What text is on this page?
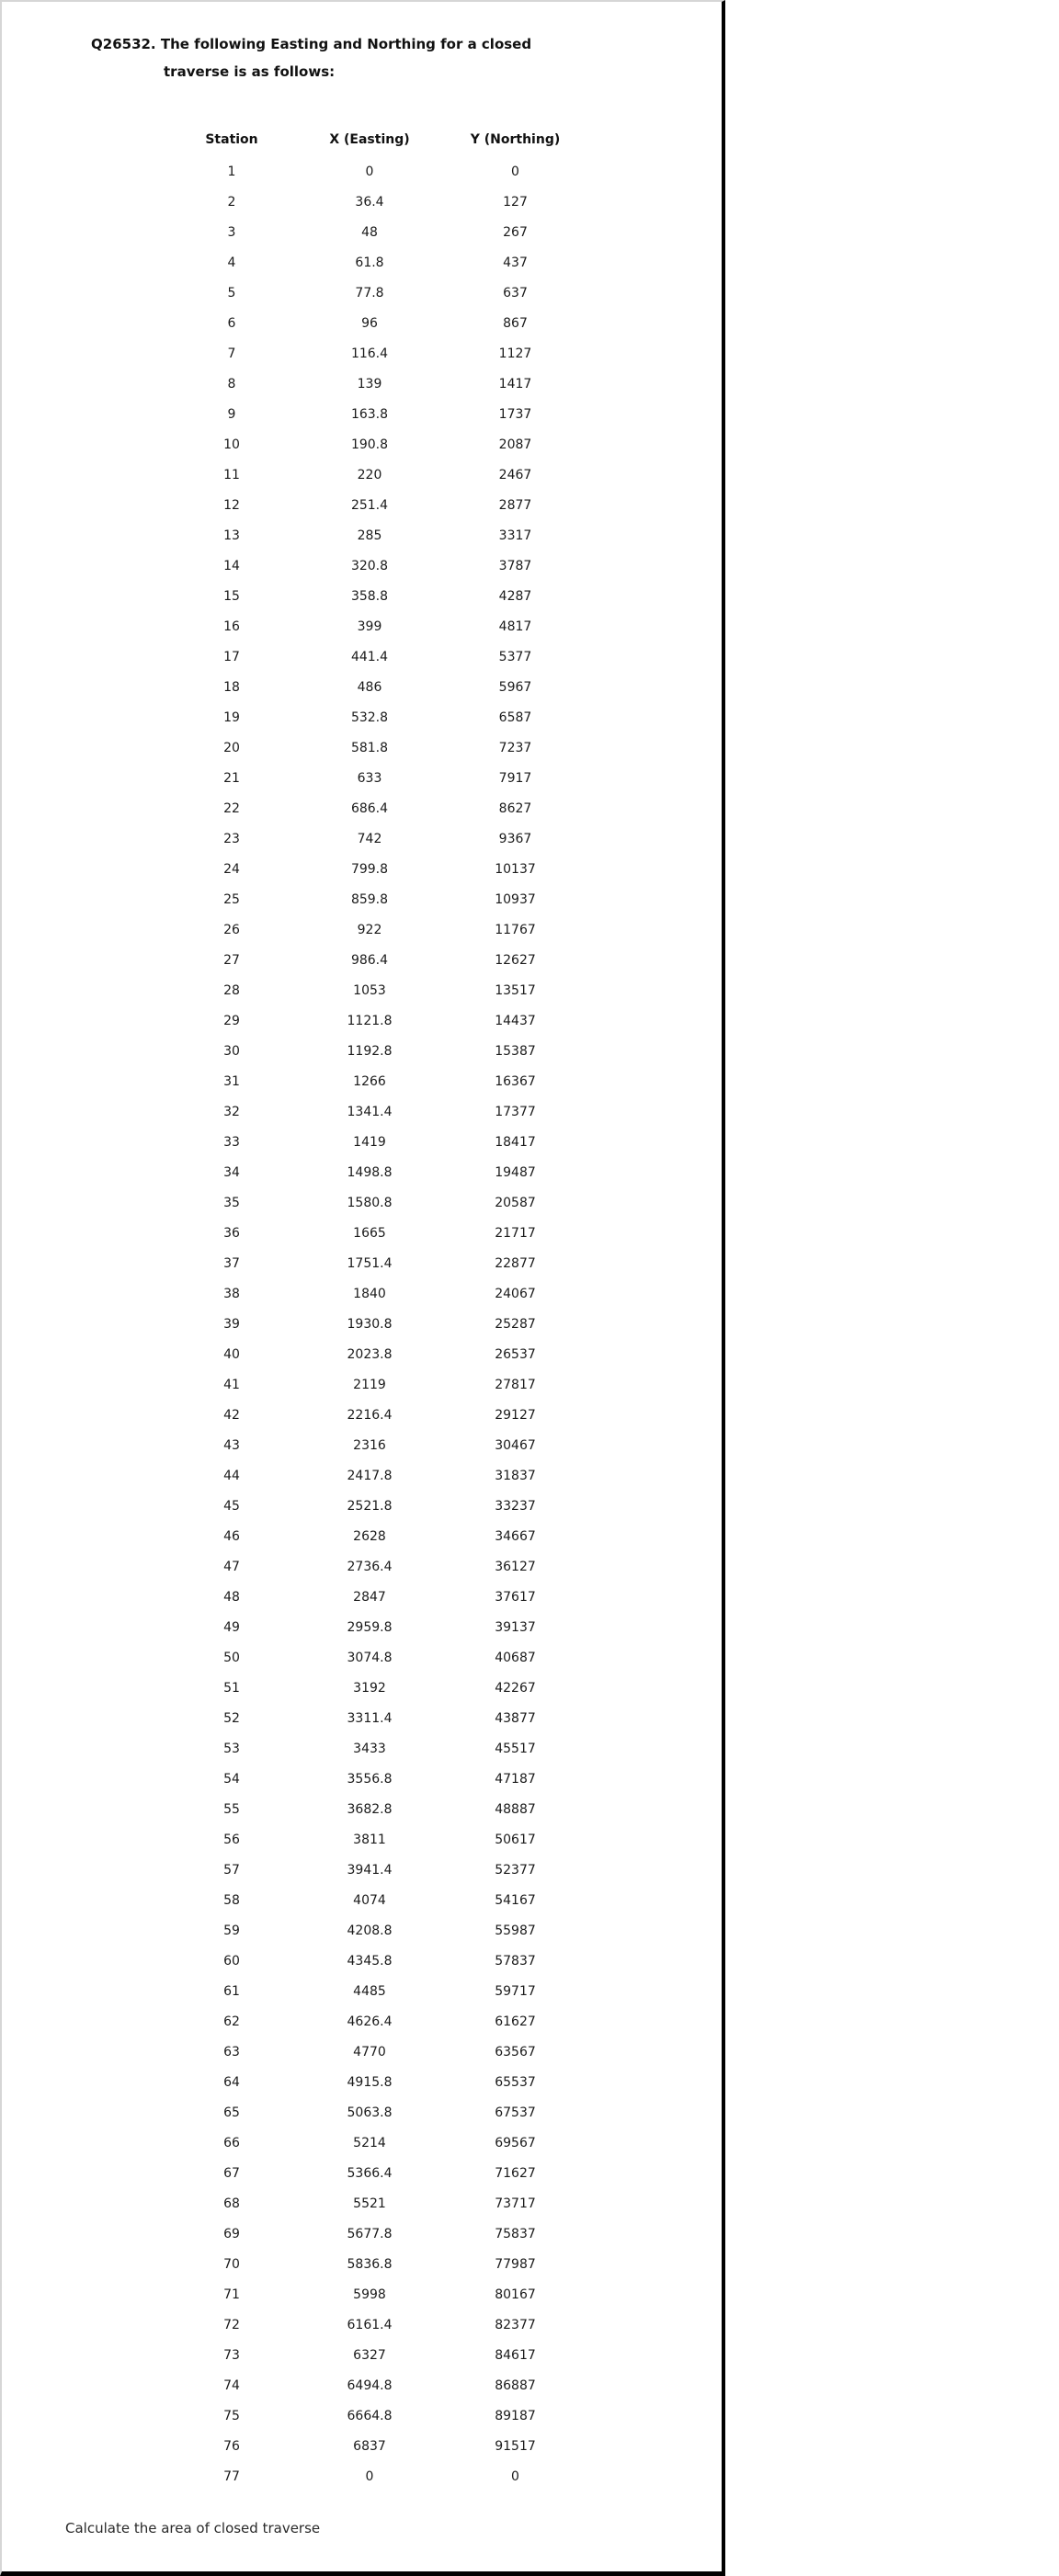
Q26532. The following Easting and Northing for a closed
traverse is as follows:
Station	X (Easting)	Y (Northing)
1	0	0
2	36.4	127
3	48	267
4	61.8	437
5	77.8	637
6	96	867
7	116.4	1127
8	139	1417
9	163.8	1737
10	190.8	2087
11	220	2467
12	251.4	2877
13	285	3317
14	320.8	3787
15	358.8	4287
16	399	4817
17	441.4	5377
18	486	5967
19	532.8	6587
20	581.8	7237
21	633	7917
22	686.4	8627
23	742	9367
24	799.8	10137
25	859.8	10937
26	922	11767
27	986.4	12627
28	1053	13517
29	1121.8	14437
30	1192.8	15387
31	1266	16367
32	1341.4	17377
33	1419	18417
34	1498.8	19487
35	1580.8	20587
36	1665	21717
37	1751.4	22877
38	1840	24067
39	1930.8	25287
40	2023.8	26537
41	2119	27817
42	2216.4	29127
43	2316	30467
44	2417.8	31837
45	2521.8	33237
46	2628	34667
47	2736.4	36127
48	2847	37617
49	2959.8	39137
50	3074.8	40687
51	3192	42267
52	3311.4	43877
53	3433	45517
54	3556.8	47187
55	3682.8	48887
56	3811	50617
57	3941.4	52377
58	4074	54167
59	4208.8	55987
60	4345.8	57837
61	4485	59717
62	4626.4	61627
63	4770	63567
64	4915.8	65537
65	5063.8	67537
66	5214	69567
67	5366.4	71627
68	5521	73717
69	5677.8	75837
70	5836.8	77987
71	5998	80167
72	6161.4	82377
73	6327	84617
74	6494.8	86887
75	6664.8	89187
76	6837	91517
77	0	0
Calculate the area of closed traverse
